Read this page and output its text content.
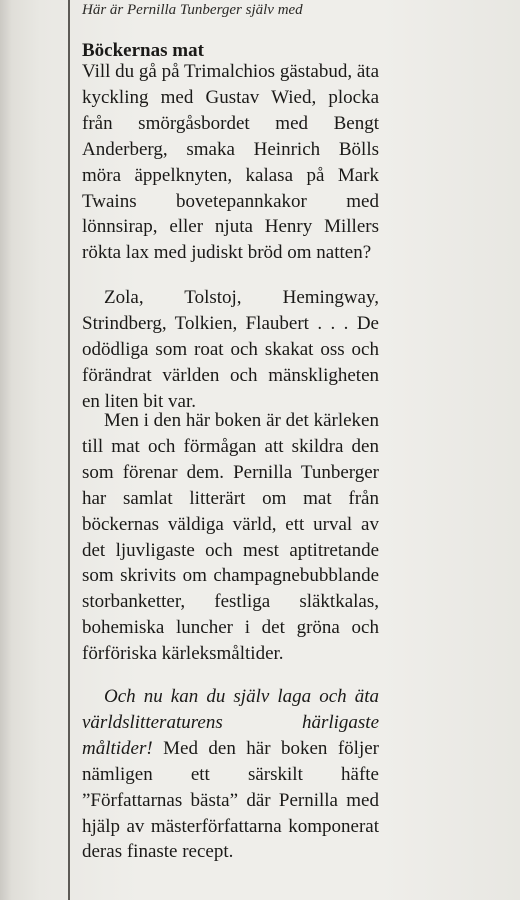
Här är Pernilla Tunberger själv med
Böckernas mat

Vill du gå på Trimalchios gästabud, äta kyckling med Gustav Wied, plocka från smörgåsbordet med Bengt Anderberg, smaka Heinrich Bölls möra äppelknyten, kalasa på Mark Twains bovetepannkakor med lönnsirap, eller njuta Henry Millers rökta lax med judiskt bröd om natten?

Zola, Tolstoj, Hemingway, Strindberg, Tolkien, Flaubert . . . De odödliga som roat och skakat oss och förändrat världen och mänskligheten en liten bit var.

Men i den här boken är det kärleken till mat och förmågan att skildra den som förenar dem. Pernilla Tunberger har samlat litterärt om mat från böckernas väldiga värld, ett urval av det ljuvligaste och mest aptitretande som skrivits om champagnebubblande storbanketter, festliga släktkalas, bohemiska luncher i det gröna och förföriska kärleksmåltider.

Och nu kan du själv laga och äta världslitteraturens härligaste måltider! Med den här boken följer nämligen ett särskilt häfte ”Författarnas bästa” där Pernilla med hjälp av mästerförfattarna komponerat deras finaste recept.
